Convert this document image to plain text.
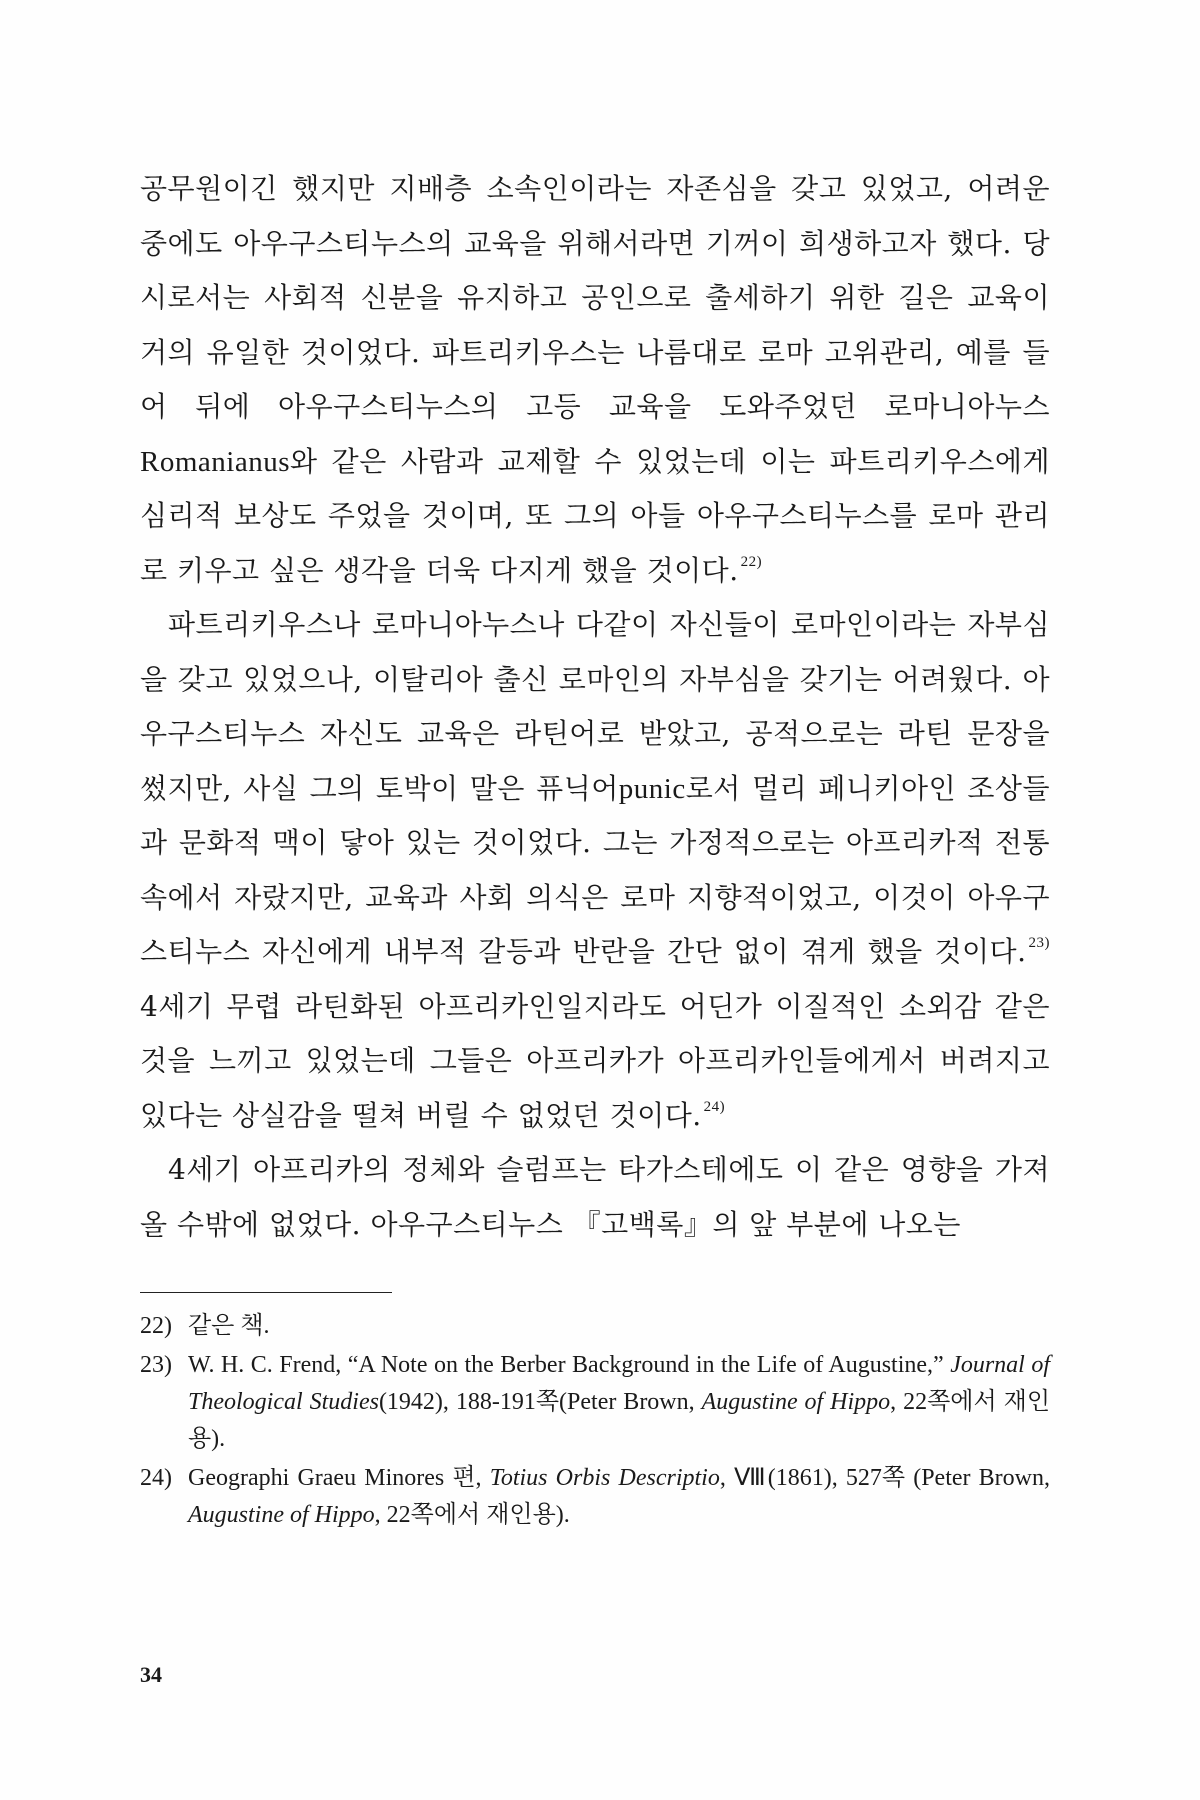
공무원이긴 했지만 지배층 소속인이라는 자존심을 갖고 있었고, 어려운 중에도 아우구스티누스의 교육을 위해서라면 기꺼이 희생하고자 했다. 당시로서는 사회적 신분을 유지하고 공인으로 출세하기 위한 길은 교육이 거의 유일한 것이었다. 파트리키우스는 나름대로 로마 고위관리, 예를 들어 뒤에 아우구스티누스의 고등 교육을 도와주었던 로마니아누스Romanianus와 같은 사람과 교제할 수 있었는데 이는 파트리키우스에게 심리적 보상도 주었을 것이며, 또 그의 아들 아우구스티누스를 로마 관리로 키우고 싶은 생각을 더욱 다지게 했을 것이다. $^{22)}$

파트리키우스나 로마니아누스나 다같이 자신들이 로마인이라는 자부심을 갖고 있었으나, 이탈리아 출신 로마인의 자부심을 갖기는 어려웠다. 아우구스티누스 자신도 교육은 라틴어로 받았고, 공적으로는 라틴 문장을 썼지만, 사실 그의 토박이 말은 퓨닉어punic로서 멀리 페니키아인 조상들과 문화적 맥이 닿아 있는 것이었다. 그는 가정적으로는 아프리카적 전통 속에서 자랐지만, 교육과 사회 의식은 로마 지향적이었고, 이것이 아우구스티누스 자신에게 내부적 갈등과 반란을 간단 없이 겪게 했을 것이다. $^{23)}$ 4세기 무렵 라틴화된 아프리카인일지라도 어딘가 이질적인 소외감 같은 것을 느끼고 있었는데 그들은 아프리카가 아프리카인들에게서 버려지고 있다는 상실감을 떨쳐 버릴 수 없었던 것이다. $^{24)}$

4세기 아프리카의 정체와 슬럼프는 타가스테에도 이 같은 영향을 가져올 수밖에 없었다. 아우구스티누스 『고백록』의 앞 부분에 나오는

22) 같은 책.
23) W. H. C. Frend, “A Note on the Berber Background in the Life of Augustine,” Journal of Theological Studies(1942), 188-191쪽(Peter Brown, Augustine of Hippo, 22쪽에서 재인용).
24) Geographi Graeu Minores 편, Totius Orbis Descriptio, Ⅷ(1861), 527쪽 (Peter Brown, Augustine of Hippo, 22쪽에서 재인용).
34
